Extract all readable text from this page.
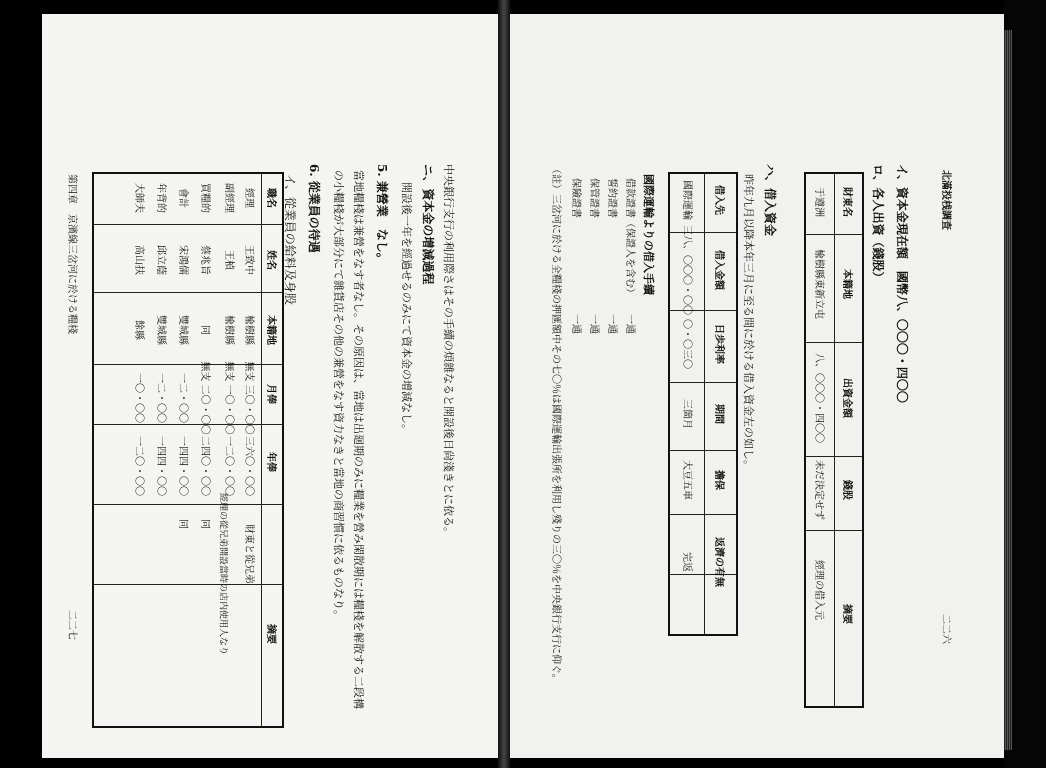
中央銀行支行の利用際さはその手續の煩雜なると開設後日尙淺きとに依る。
ニ、資本金の增減過程
開設後一年を經過せるのみにて資本金の增減なし。
5. 兼營業　なし。
當地糧棧は兼營をなす者なし。その原因は、當地は出廻期のみに糧業を營み閑散期には糧棧を解散する二段構
の小糧棧が大部分にて雜貨店その他の兼營をなす資力なきと當地の商習慣に依るものなり。
6. 從業員の待遇
イ、從業員の給料及身股
職名
姓名
本籍地
月俸
年俸
摘要
經理
王致中
楡樹縣
無支 三〇・〇〇
三六〇・〇〇
財東と從兄弟
副經理
王楨
楡樹縣
無支 一〇・〇〇
一二〇・〇〇
經理の從兄弟開設當時の店内使用人なり
買糧的
蔡兆旨
同
無支 二〇・〇〇
二四〇・〇〇
同
會計
宋鴻儒
雙城縣
一二・〇〇
一四四・〇〇
同
年背的
邱立蔭
雙城縣
一二・〇〇
一四四・〇〇
大師夫
高山扶
餘縣
一〇・〇〇
一二〇・〇〇
第四章　京濱線三岔河に於ける糧棧
二二七
北滿投桟調査
二二六
イ、資本金現在額　國幣八、〇〇〇・四〇〇
ロ、各人出資（錢股）
財東名
本籍地
出資金額
錢股
摘要
于遵洲
楡樹縣東新立屯
八、〇〇〇・四〇〇
未だ決定せず
經理の借入元
ハ、借入資金
昨年九月以降本年三月に至る間に於ける借入資金左の如し。
借入先
借入金額
日歩利率
期間
擔保
返濟の有無
國際運輸
三八、〇〇〇・〇〇
〇・〇三〇
三箇月
大豆五車
完返
國際運輸よりの借入手續
借款證書（保證人を含む）
一通
誓約證書
一通
保管證書
一通
保險證書
一通
（註）三岔河に於ける全糧棧の押匯額中その七〇％は國際運輸出張所を利用し殘りの三〇％を中央銀行支行に仰ぐ。
